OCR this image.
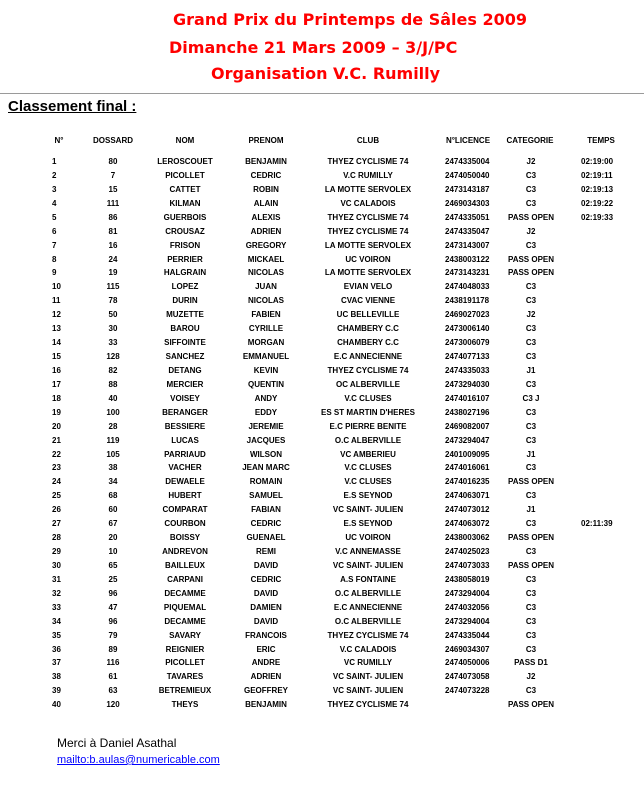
Grand Prix du Printemps de Sâles 2009
Dimanche 21 Mars 2009 – 3/J/PC
Organisation V.C. Rumilly
Classement final :
N°	DOSSARD	NOM	PRENOM	CLUB	N°LICENCE CATEGORIE	TEMPS
1	80	LEROSCOUET	BENJAMIN	THYEZ CYCLISME 74	2474335004	J2	02:19:00
2	7	PICOLLET	CEDRIC	V.C RUMILLY	2474050040	C3	02:19:11
3	15	CATTET	ROBIN	LA MOTTE SERVOLEX	2473143187	C3	02:19:13
4	111	KILMAN	ALAIN	VC CALADOIS	2469034303	C3	02:19:22
5	86	GUERBOIS	ALEXIS	THYEZ CYCLISME 74	2474335051 PASS OPEN	02:19:33
6	81	CROUSAZ	ADRIEN	THYEZ CYCLISME 74	2474335047	J2
7	16	FRISON	GREGORY	LA MOTTE SERVOLEX	2473143007	C3
8	24	PERRIER	MICKAEL	UC VOIRON	2438003122 PASS OPEN
9	19	HALGRAIN	NICOLAS	LA MOTTE SERVOLEX	2473143231 PASS OPEN
10	115	LOPEZ	JUAN	EVIAN VELO	2474048033	C3
11	78	DURIN	NICOLAS	CVAC VIENNE	2438191178	C3
12	50	MUZETTE	FABIEN	UC BELLEVILLE	2469027023	J2
13	30	BAROU	CYRILLE	CHAMBERY C.C	2473006140	C3
14	33	SIFFOINTE	MORGAN	CHAMBERY C.C	2473006079	C3
15	128	SANCHEZ	EMMANUEL	E.C ANNECIENNE	2474077133	C3
16	82	DETANG	KEVIN	THYEZ CYCLISME 74	2474335033	J1
17	88	MERCIER	QUENTIN	OC ALBERVILLE	2473294030	C3
18	40	VOISEY	ANDY	V.C CLUSES	2474016107	C3 J
19	100	BERANGER	EDDY	ES ST MARTIN D'HERES	2438027196	C3
20	28	BESSIERE	JEREMIE	E.C PIERRE BENITE	2469082007	C3
21	119	LUCAS	JACQUES	O.C ALBERVILLE	2473294047	C3
22	105	PARRIAUD	WILSON	VC AMBERIEU	2401009095	J1
23	38	VACHER	JEAN MARC	V.C CLUSES	2474016061	C3
24	34	DEWAELE	ROMAIN	V.C CLUSES	2474016235 PASS OPEN
25	68	HUBERT	SAMUEL	E.S SEYNOD	2474063071	C3
26	60	COMPARAT	FABIAN	VC SAINT- JULIEN	2474073012	J1
27	67	COURBON	CEDRIC	E.S SEYNOD	2474063072	C3	02:11:39
28	20	BOISSY	GUENAEL	UC VOIRON	2438003062 PASS OPEN
29	10	ANDREVON	REMI	V.C ANNEMASSE	2474025023	C3
30	65	BAILLEUX	DAVID	VC SAINT- JULIEN	2474073033 PASS OPEN
31	25	CARPANI	CEDRIC	A.S FONTAINE	2438058019	C3
32	96	DECAMME	DAVID	O.C ALBERVILLE	2473294004	C3
33	47	PIQUEMAL	DAMIEN	E.C ANNECIENNE	2474032056	C3
34	96	DECAMME	DAVID	O.C ALBERVILLE	2473294004	C3
35	79	SAVARY	FRANCOIS	THYEZ CYCLISME 74	2474335044	C3
36	89	REIGNIER	ERIC	V.C CALADOIS	2469034307	C3
37	116	PICOLLET	ANDRE	VC RUMILLY	2474050006	PASS D1
38	61	TAVARES	ADRIEN	VC SAINT- JULIEN	2474073058	J2
39	63	BETREMIEUX	GEOFFREY	VC SAINT- JULIEN	2474073228	C3
40	120	THEYS	BENJAMIN	THYEZ CYCLISME 74	PASS OPEN
Merci à Daniel Asathal
mailto:b.aulas@numericable.com
